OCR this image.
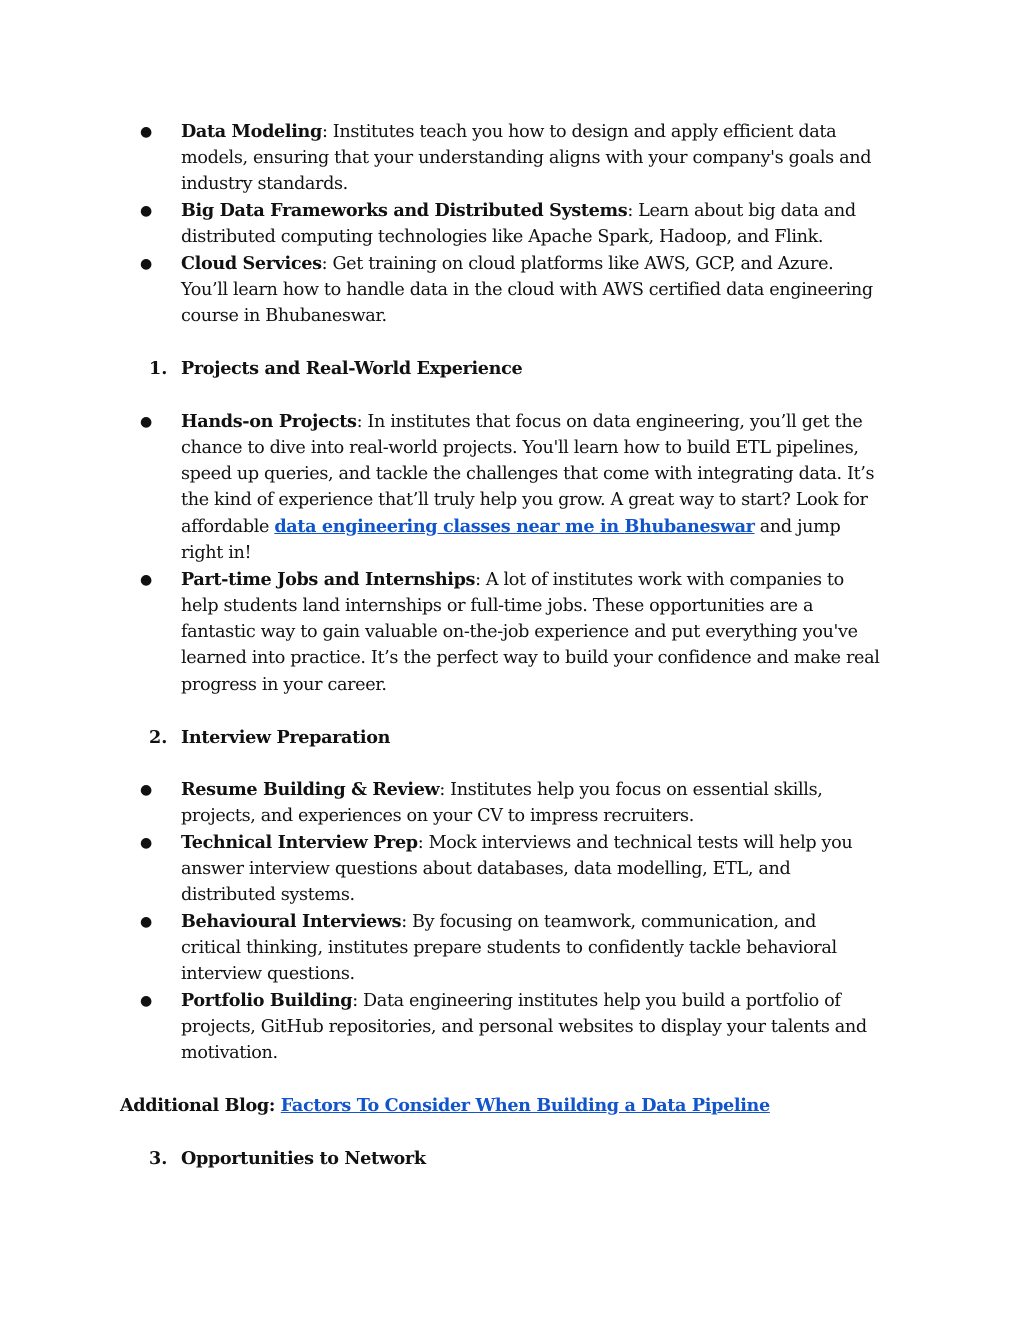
● Data Modeling: Institutes teach you how to design and apply efficient data
models, ensuring that your understanding aligns with your company's goals and
industry standards.
● Big Data Frameworks and Distributed Systems: Learn about big data and
distributed computing technologies like Apache Spark, Hadoop, and Flink.
● Cloud Services: Get training on cloud platforms like AWS, GCP, and Azure.
You’ll learn how to handle data in the cloud with AWS certified data engineering
course in Bhubaneswar.
1. Projects and Real-World Experience
● Hands-on Projects: In institutes that focus on data engineering, you’ll get the
chance to dive into real-world projects. You'll learn how to build ETL pipelines,
speed up queries, and tackle the challenges that come with integrating data. It’s
the kind of experience that’ll truly help you grow. A great way to start? Look for
affordable data engineering classes near me in Bhubaneswar and jump
right in!
● Part-time Jobs and Internships: A lot of institutes work with companies to
help students land internships or full-time jobs. These opportunities are a
fantastic way to gain valuable on-the-job experience and put everything you've
learned into practice. It’s the perfect way to build your confidence and make real
progress in your career.
2. Interview Preparation
● Resume Building & Review: Institutes help you focus on essential skills,
projects, and experiences on your CV to impress recruiters.
● Technical Interview Prep: Mock interviews and technical tests will help you
answer interview questions about databases, data modelling, ETL, and
distributed systems.
● Behavioural Interviews: By focusing on teamwork, communication, and
critical thinking, institutes prepare students to confidently tackle behavioral
interview questions.
● Portfolio Building: Data engineering institutes help you build a portfolio of
projects, GitHub repositories, and personal websites to display your talents and
motivation.
Additional Blog: Factors To Consider When Building a Data Pipeline
3. Opportunities to Network
